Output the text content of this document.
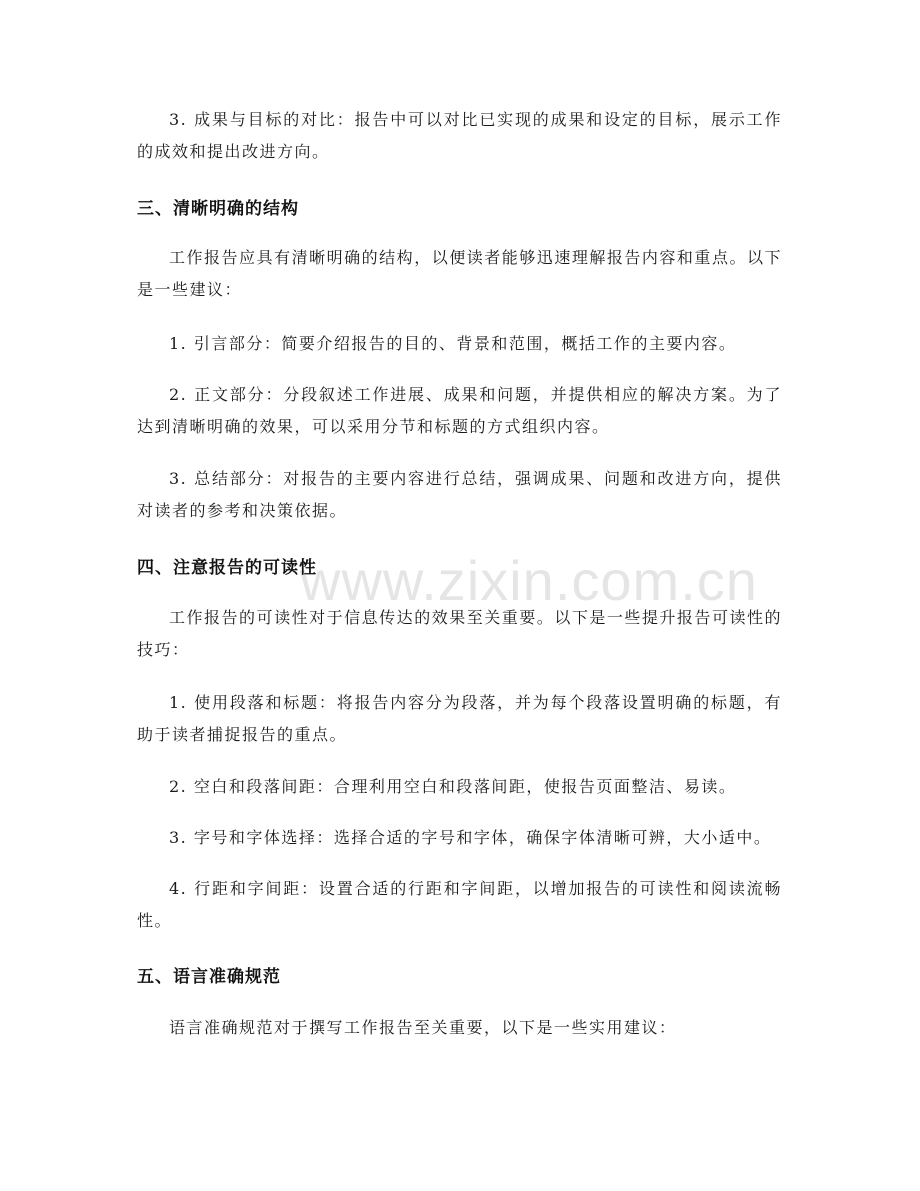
3. 成果与目标的对比：报告中可以对比已实现的成果和设定的目标，展示工作的成效和提出改进方向。

三、清晰明确的结构

工作报告应具有清晰明确的结构，以便读者能够迅速理解报告内容和重点。以下是一些建议：

1. 引言部分：简要介绍报告的目的、背景和范围，概括工作的主要内容。

2. 正文部分：分段叙述工作进展、成果和问题，并提供相应的解决方案。为了达到清晰明确的效果，可以采用分节和标题的方式组织内容。

3. 总结部分：对报告的主要内容进行总结，强调成果、问题和改进方向，提供对读者的参考和决策依据。

四、注意报告的可读性

工作报告的可读性对于信息传达的效果至关重要。以下是一些提升报告可读性的技巧：

1. 使用段落和标题：将报告内容分为段落，并为每个段落设置明确的标题，有助于读者捕捉报告的重点。

2. 空白和段落间距：合理利用空白和段落间距，使报告页面整洁、易读。

3. 字号和字体选择：选择合适的字号和字体，确保字体清晰可辨，大小适中。

4. 行距和字间距：设置合适的行距和字间距，以增加报告的可读性和阅读流畅性。

五、语言准确规范

语言准确规范对于撰写工作报告至关重要，以下是一些实用建议：

www.zixin.com.cn
